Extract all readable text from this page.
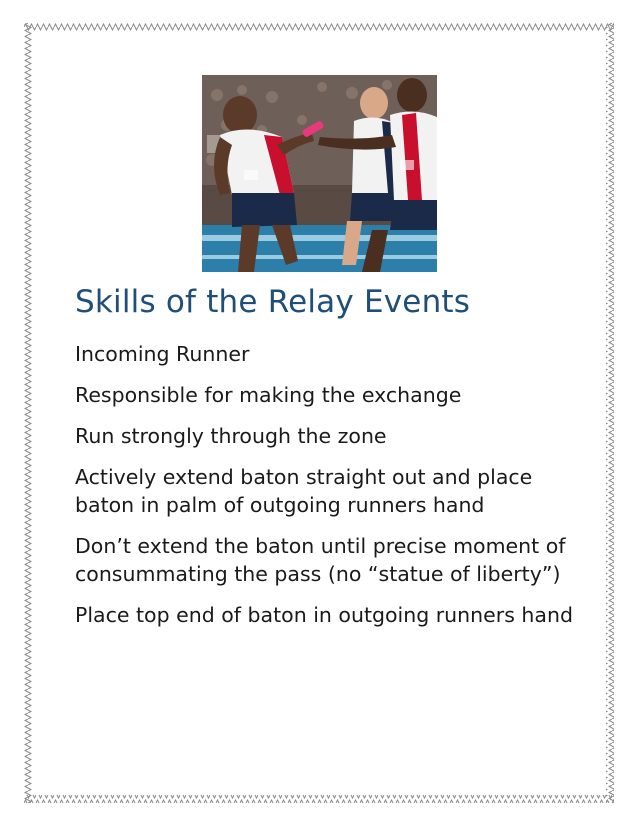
Skills of the Relay Events
Incoming Runner
Responsible for making the exchange
Run strongly through the zone
Actively extend baton straight out and place baton in palm of outgoing runners hand
Don’t extend the baton until precise moment of consummating the pass (no “statue of liberty”)
Place top end of baton in outgoing runners hand
